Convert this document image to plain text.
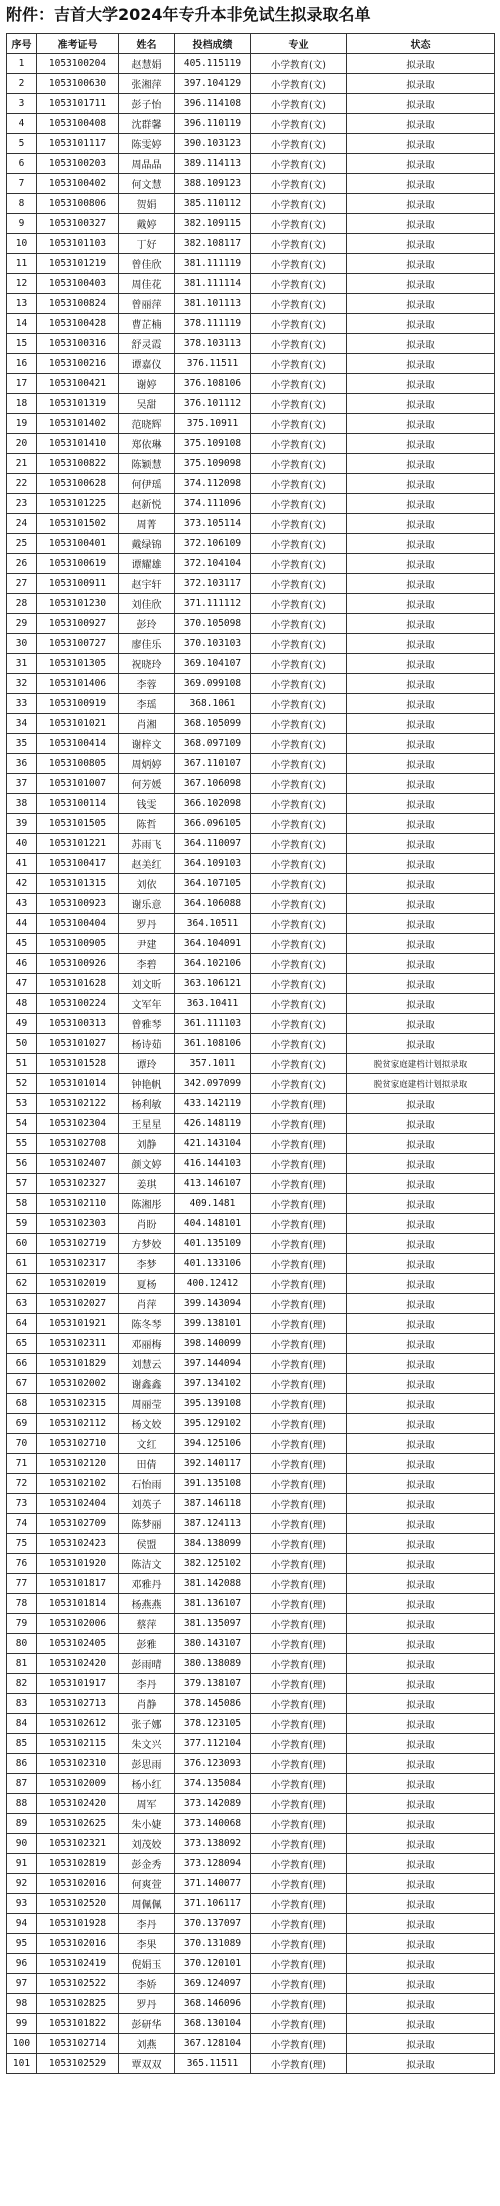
附件：吉首大学2024年专升本非免试生拟录取名单
序号	准考证号	姓名	投档成绩	专业	状态
1	1053100204	赵慧娟	405.115119	小学教育(文)	拟录取
2	1053100630	张湘萍	397.104129	小学教育(文)	拟录取
3	1053101711	彭子怡	396.114108	小学教育(文)	拟录取
4	1053100408	沈群馨	396.110119	小学教育(文)	拟录取
5	1053101117	陈雯婷	390.103123	小学教育(文)	拟录取
6	1053100203	周晶晶	389.114113	小学教育(文)	拟录取
7	1053100402	何文慧	388.109123	小学教育(文)	拟录取
8	1053100806	贺娟	385.110112	小学教育(文)	拟录取
9	1053100327	戴婷	382.109115	小学教育(文)	拟录取
10	1053101103	丁好	382.108117	小学教育(文)	拟录取
11	1053101219	曾佳欣	381.111119	小学教育(文)	拟录取
12	1053100403	周佳花	381.111114	小学教育(文)	拟录取
13	1053100824	曾丽萍	381.101113	小学教育(文)	拟录取
14	1053100428	曹芷楠	378.111119	小学教育(文)	拟录取
15	1053100316	舒灵霞	378.103113	小学教育(文)	拟录取
16	1053100216	谭嘉仪	376.11511	小学教育(文)	拟录取
17	1053100421	谢婷	376.108106	小学教育(文)	拟录取
18	1053101319	吴甜	376.101112	小学教育(文)	拟录取
19	1053101402	范晓辉	375.10911	小学教育(文)	拟录取
20	1053101410	郑依琳	375.109108	小学教育(文)	拟录取
21	1053100822	陈颖慧	375.109098	小学教育(文)	拟录取
22	1053100628	何伊瑶	374.112098	小学教育(文)	拟录取
23	1053101225	赵新悦	374.111096	小学教育(文)	拟录取
24	1053101502	周菁	373.105114	小学教育(文)	拟录取
25	1053100401	戴绿锦	372.106109	小学教育(文)	拟录取
26	1053100619	谭耀雄	372.104104	小学教育(文)	拟录取
27	1053100911	赵宇轩	372.103117	小学教育(文)	拟录取
28	1053101230	刘佳欣	371.111112	小学教育(文)	拟录取
29	1053100927	彭玲	370.105098	小学教育(文)	拟录取
30	1053100727	廖佳乐	370.103103	小学教育(文)	拟录取
31	1053101305	祝晓玲	369.104107	小学教育(文)	拟录取
32	1053101406	李蓉	369.099108	小学教育(文)	拟录取
33	1053100919	李瑶	368.1061	小学教育(文)	拟录取
34	1053101021	肖湘	368.105099	小学教育(文)	拟录取
35	1053100414	谢梓文	368.097109	小学教育(文)	拟录取
36	1053100805	周炳婷	367.110107	小学教育(文)	拟录取
37	1053101007	何芳媛	367.106098	小学教育(文)	拟录取
38	1053100114	钱雯	366.102098	小学教育(文)	拟录取
39	1053101505	陈哲	366.096105	小学教育(文)	拟录取
40	1053101221	苏雨飞	364.110097	小学教育(文)	拟录取
41	1053100417	赵美红	364.109103	小学教育(文)	拟录取
42	1053101315	刘依	364.107105	小学教育(文)	拟录取
43	1053100923	谢乐意	364.106088	小学教育(文)	拟录取
44	1053100404	罗丹	364.10511	小学教育(文)	拟录取
45	1053100905	尹建	364.104091	小学教育(文)	拟录取
46	1053100926	李碧	364.102106	小学教育(文)	拟录取
47	1053101628	刘文昕	363.106121	小学教育(文)	拟录取
48	1053100224	文军年	363.10411	小学教育(文)	拟录取
49	1053100313	曾雅琴	361.111103	小学教育(文)	拟录取
50	1053101027	杨诗茹	361.108106	小学教育(文)	拟录取
51	1053101528	谭玲	357.1011	小学教育(文)	脱贫家庭建档计划拟录取
52	1053101014	钟艳帆	342.097099	小学教育(文)	脱贫家庭建档计划拟录取
53	1053102122	杨利敏	433.142119	小学教育(理)	拟录取
54	1053102304	王星星	426.148119	小学教育(理)	拟录取
55	1053102708	刘静	421.143104	小学教育(理)	拟录取
56	1053102407	颜文婷	416.144103	小学教育(理)	拟录取
57	1053102327	姜琪	413.146107	小学教育(理)	拟录取
58	1053102110	陈湘彤	409.1481	小学教育(理)	拟录取
59	1053102303	肖盼	404.148101	小学教育(理)	拟录取
60	1053102719	方梦姣	401.135109	小学教育(理)	拟录取
61	1053102317	李梦	401.133106	小学教育(理)	拟录取
62	1053102019	夏杨	400.12412	小学教育(理)	拟录取
63	1053102027	肖萍	399.143094	小学教育(理)	拟录取
64	1053101921	陈冬琴	399.138101	小学教育(理)	拟录取
65	1053102311	邓丽梅	398.140099	小学教育(理)	拟录取
66	1053101829	刘慧云	397.144094	小学教育(理)	拟录取
67	1053102002	谢鑫鑫	397.134102	小学教育(理)	拟录取
68	1053102315	周丽莹	395.139108	小学教育(理)	拟录取
69	1053102112	杨文姣	395.129102	小学教育(理)	拟录取
70	1053102710	文红	394.125106	小学教育(理)	拟录取
71	1053102120	田倩	392.140117	小学教育(理)	拟录取
72	1053102102	石怡雨	391.135108	小学教育(理)	拟录取
73	1053102404	刘英子	387.146118	小学教育(理)	拟录取
74	1053102709	陈梦丽	387.124113	小学教育(理)	拟录取
75	1053102423	侯盟	384.138099	小学教育(理)	拟录取
76	1053101920	陈洁文	382.125102	小学教育(理)	拟录取
77	1053101817	邓雅丹	381.142088	小学教育(理)	拟录取
78	1053101814	杨燕燕	381.136107	小学教育(理)	拟录取
79	1053102006	蔡萍	381.135097	小学教育(理)	拟录取
80	1053102405	彭雅	380.143107	小学教育(理)	拟录取
81	1053102420	彭雨晴	380.138089	小学教育(理)	拟录取
82	1053101917	李丹	379.138107	小学教育(理)	拟录取
83	1053102713	肖静	378.145086	小学教育(理)	拟录取
84	1053102612	张子娜	378.123105	小学教育(理)	拟录取
85	1053102115	朱文兴	377.112104	小学教育(理)	拟录取
86	1053102310	彭思雨	376.123093	小学教育(理)	拟录取
87	1053102009	杨小红	374.135084	小学教育(理)	拟录取
88	1053102420	周军	373.142089	小学教育(理)	拟录取
89	1053102625	朱小婕	373.140068	小学教育(理)	拟录取
90	1053102321	刘茂姣	373.138092	小学教育(理)	拟录取
91	1053102819	彭金秀	373.128094	小学教育(理)	拟录取
92	1053102016	何爽萱	371.140077	小学教育(理)	拟录取
93	1053102520	周佩佩	371.106117	小学教育(理)	拟录取
94	1053101928	李丹	370.137097	小学教育(理)	拟录取
95	1053102016	李果	370.131089	小学教育(理)	拟录取
96	1053102419	倪娟玉	370.120101	小学教育(理)	拟录取
97	1053102522	李娇	369.124097	小学教育(理)	拟录取
98	1053102825	罗丹	368.146096	小学教育(理)	拟录取
99	1053101822	彭研华	368.130104	小学教育(理)	拟录取
100	1053102714	刘燕	367.128104	小学教育(理)	拟录取
101	1053102529	覃双双	365.11511	小学教育(理)	拟录取
